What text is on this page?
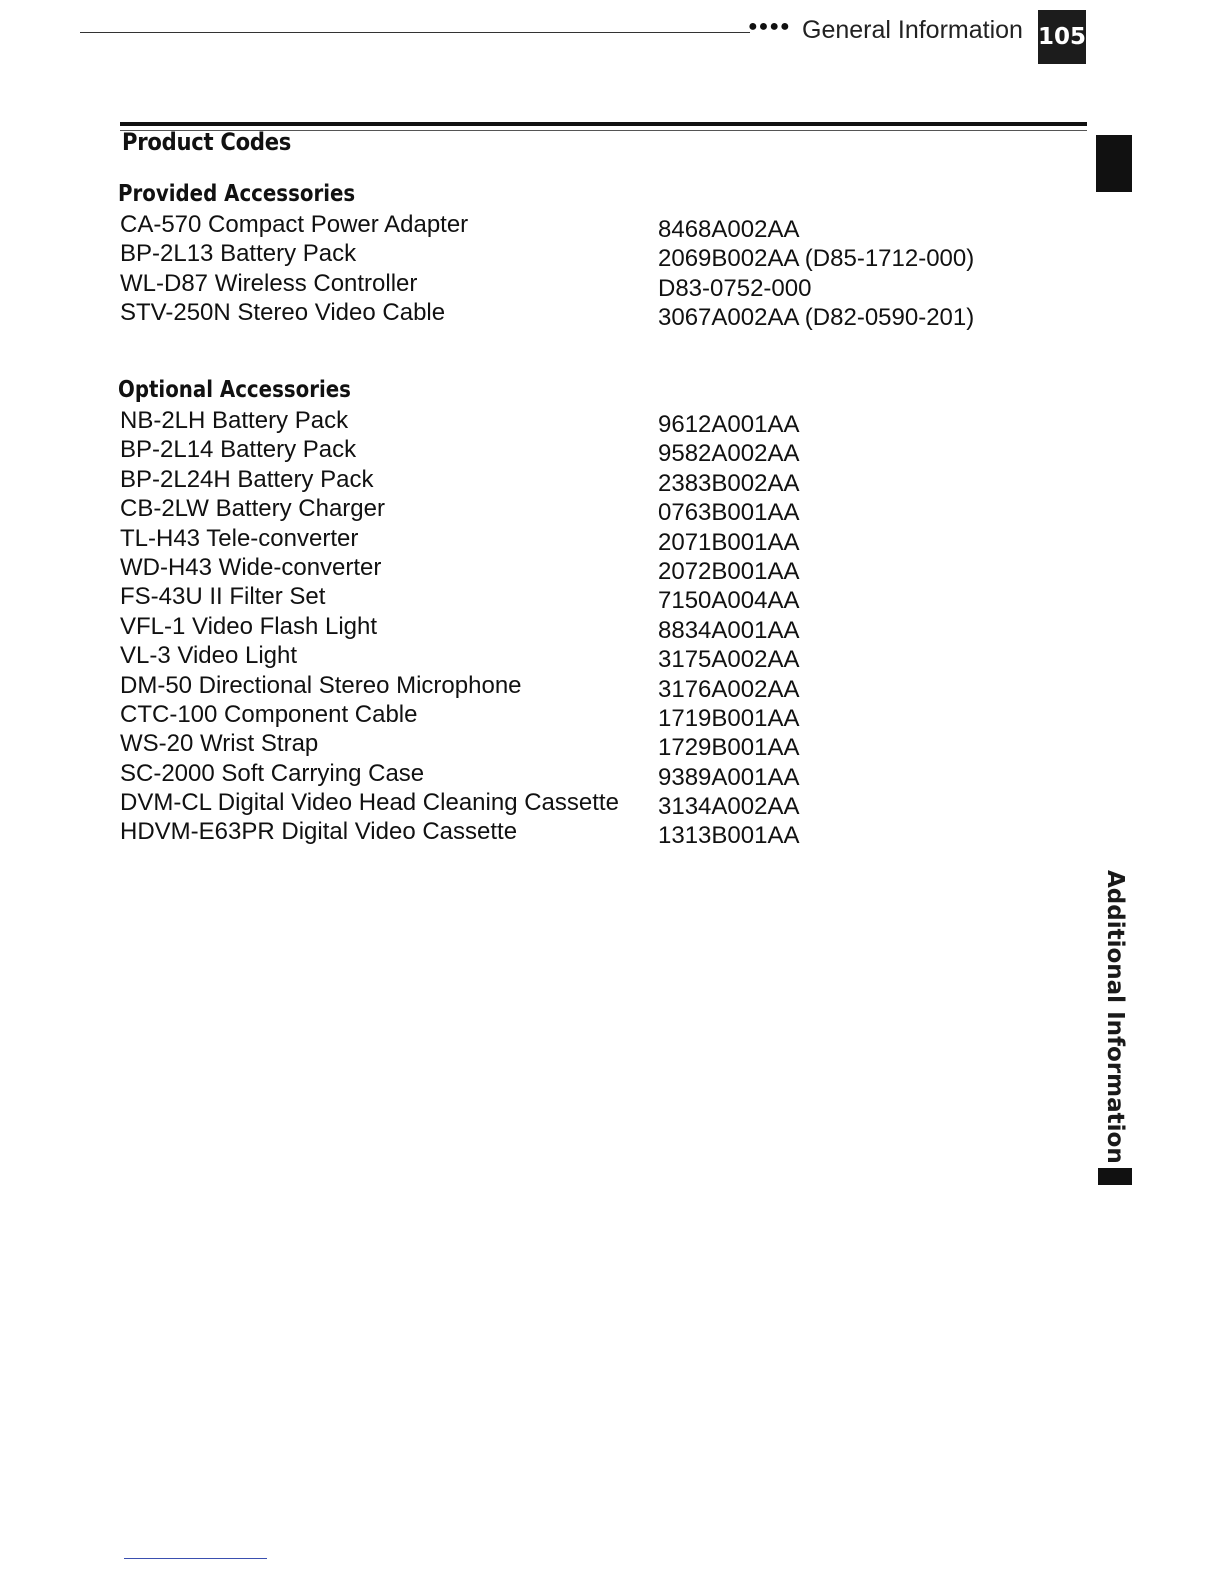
●●●● General Information 105
Additional Information
Product Codes
Provided Accessories
CA-570 Compact Power Adapter	8468A002AA
BP-2L13 Battery Pack	2069B002AA (D85-1712-000)
WL-D87 Wireless Controller	D83-0752-000
STV-250N Stereo Video Cable	3067A002AA (D82-0590-201)
Optional Accessories
NB-2LH Battery Pack	9612A001AA
BP-2L14 Battery Pack	9582A002AA
BP-2L24H Battery Pack	2383B002AA
CB-2LW Battery Charger	0763B001AA
TL-H43 Tele-converter	2071B001AA
WD-H43 Wide-converter	2072B001AA
FS-43U II Filter Set	7150A004AA
VFL-1 Video Flash Light	8834A001AA
VL-3 Video Light	3175A002AA
DM-50 Directional Stereo Microphone	3176A002AA
CTC-100 Component Cable	1719B001AA
WS-20 Wrist Strap	1729B001AA
SC-2000 Soft Carrying Case	9389A001AA
DVM-CL Digital Video Head Cleaning Cassette 3134A002AA
HDVM-E63PR Digital Video Cassette	1313B001AA
